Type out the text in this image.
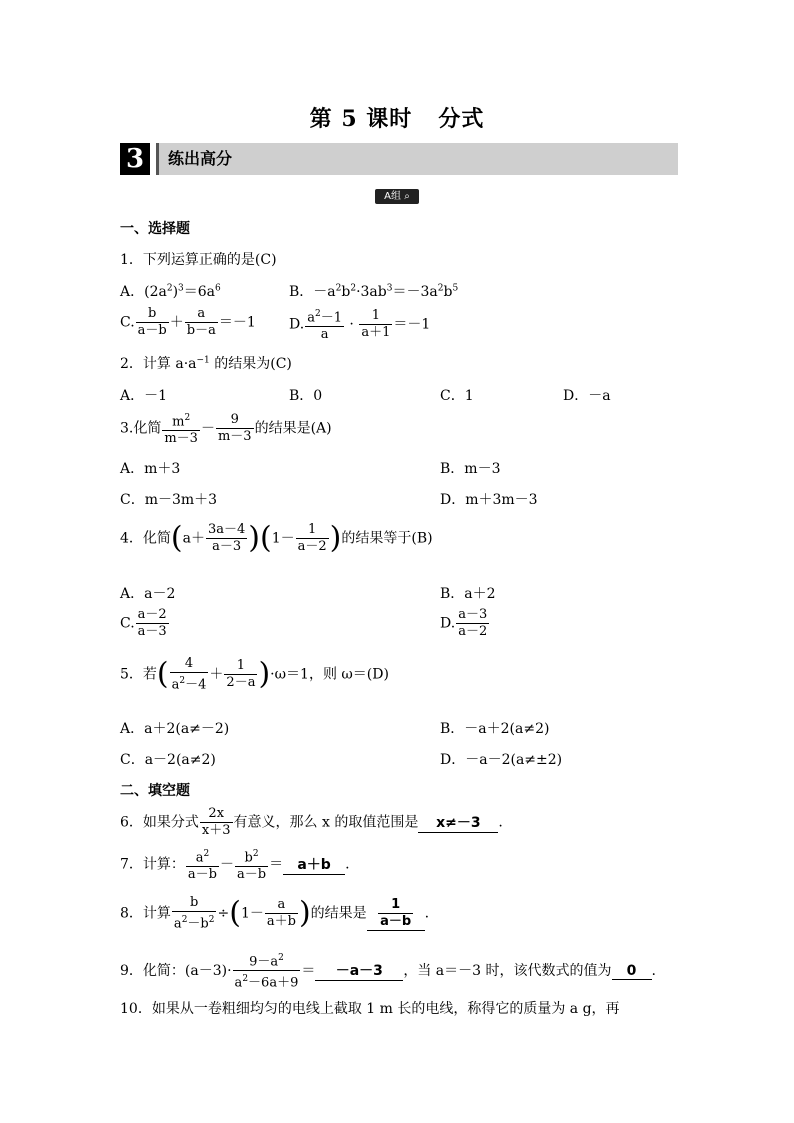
第 5 课时 分式
3	练出高分
A组 ⌕
一、选择题
1．下列运算正确的是(C)
A．$(2a^2)^3=6a^6$	B．$-a^2b^2\cdot 3ab^3=-3a^2b^5$
C. $\frac{b}{a-b} + \frac{a}{b-a} =-1$ D. $\frac{a^2-1}{a} \cdot \frac{1}{a+1} =-1$
2．计算 $a\cdot a^{-1}$ 的结果为(C)
A．－1	B．0	C．1	D．－a
3.化简 $\frac{m^2}{m-3} - \frac{9}{m-3}$ 的结果是(A)
A．m＋3	B．m－3
C．m－3m＋3	D．m＋3m－3
4．化简$(a+ \frac{3a-4}{a-3} )(1- \frac{1}{a-2}$ )的结果等于(B)
A．a－2	B．a＋2
C. $\frac{a-2}{a-3}$	D. $\frac{a-3}{a-2}$
5．若( $\frac{4}{a^2-4} + \frac{1}{2-a} )\cdot\omega=1$，则 ω＝(D)
A．a＋2(a≠－2)	B．－a＋2(a≠2)
C．a－2(a≠2)	D．－a－2(a≠±2)
二、填空题
6．如果分式 $\frac{2x}{x+3}$ 有意义，那么 x 的取值范围是 x≠－3 .
7．计算： $\frac{a^2}{a-b} - \frac{b^2}{a-b} = a+b$ .
8．计算 $\frac{b}{a^2-b^2} \div(1- \frac{a}{a+b}$ )的结果是 $\frac{1}{a-b}$ .
9．化简：$(a-3)\cdot \frac{9-a^2}{a^2-6a+9} = -a-3$ ，当 a＝－3 时，该代数式的值为 0 .
10．如果从一卷粗细均匀的电线上截取 1 m 长的电线，称得它的质量为 a g，再
